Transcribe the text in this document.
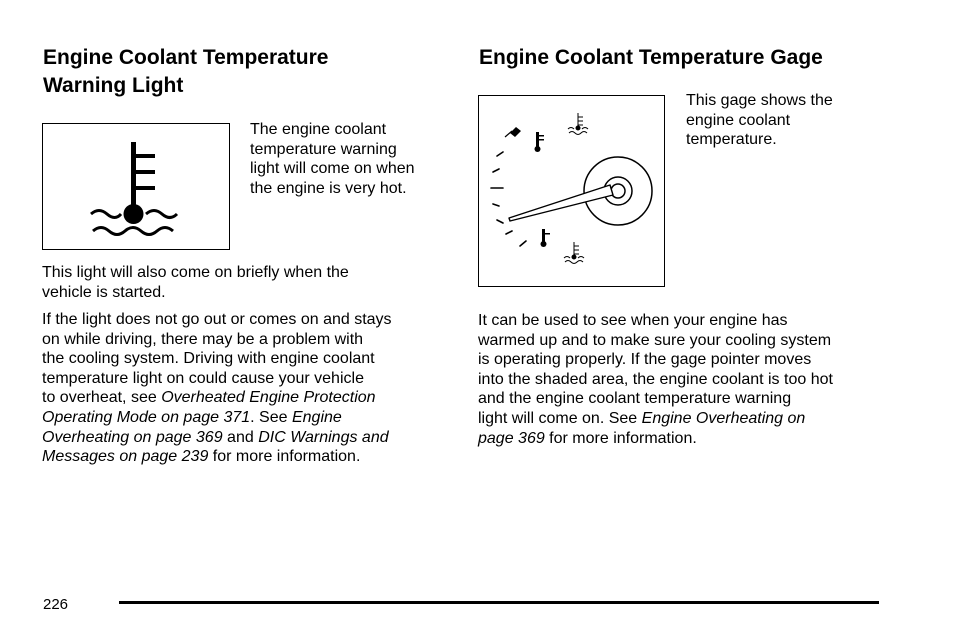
Engine Coolant Temperature
Warning Light
The engine coolant
temperature warning
light will come on when
the engine is very hot.
This light will also come on briefly when the
vehicle is started.
If the light does not go out or comes on and stays
on while driving, there may be a problem with
the cooling system. Driving with engine coolant
temperature light on could cause your vehicle
to overheat, see Overheated Engine Protection
Operating Mode on page 371. See Engine
Overheating on page 369 and DIC Warnings and
Messages on page 239 for more information.
Engine Coolant Temperature Gage
This gage shows the
engine coolant
temperature.
It can be used to see when your engine has
warmed up and to make sure your cooling system
is operating properly. If the gage pointer moves
into the shaded area, the engine coolant is too hot
and the engine coolant temperature warning
light will come on. See Engine Overheating on
page 369 for more information.
226
